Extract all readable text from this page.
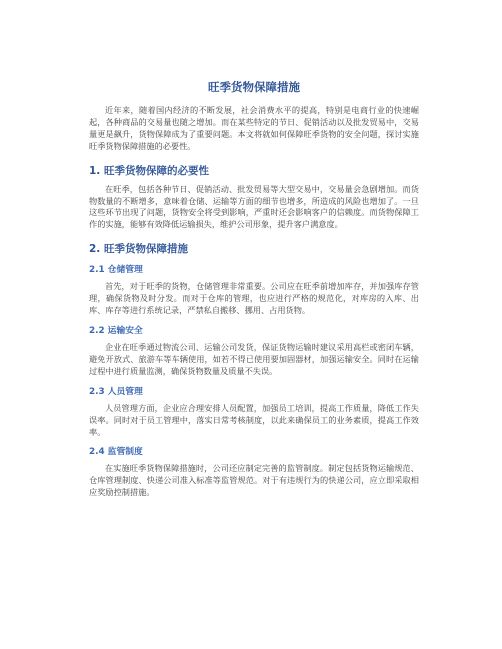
旺季货物保障措施

近年来，随着国内经济的不断发展，社会消费水平的提高，特别是电商行业的快速崛起，各种商品的交易量也随之增加。而在某些特定的节日、促销活动以及批发贸易中，交易量更是飙升，货物保障成为了重要问题。本文将就如何保障旺季货物的安全问题，探讨实施旺季货物保障措施的必要性。

1. 旺季货物保障的必要性

在旺季，包括各种节日、促销活动、批发贸易等大型交易中，交易量会急剧增加。而货物数量的不断增多，意味着仓储、运输等方面的细节也增多，所造成的风险也增加了。一旦这些环节出现了问题，货物安全将受到影响，严重时还会影响客户的信赖度。而货物保障工作的实施，能够有效降低运输损失，维护公司形象，提升客户满意度。

2. 旺季货物保障措施
2.1 仓储管理

首先，对于旺季的货物，仓储管理非常重要。公司应在旺季前增加库存，并加强库存管理，确保货物及时分发。而对于仓库的管理，也应进行严格的规范化，对库房的入库、出库、库存等进行系统记录，严禁私自搬移、挪用、占用货物。

2.2 运输安全

企业在旺季通过物流公司、运输公司发货，保证货物运输时建议采用高栏或密闭车辆，避免开放式、旅游车等车辆使用，如若不得已使用要加固器材，加强运输安全。同时在运输过程中进行质量监测，确保货物数量及质量不失误。

2.3 人员管理

人员管理方面，企业应合理安排人员配置，加强员工培训，提高工作质量，降低工作失误率。同时对于员工管理中，落实日常考核制度，以此来确保员工的业务素质，提高工作效率。

2.4 监管制度

在实施旺季货物保障措施时，公司还应制定完善的监管制度。制定包括货物运输规范、仓库管理制度、快递公司准入标准等监管规范。对于有违规行为的快递公司，应立即采取相应奖励控制措施。
